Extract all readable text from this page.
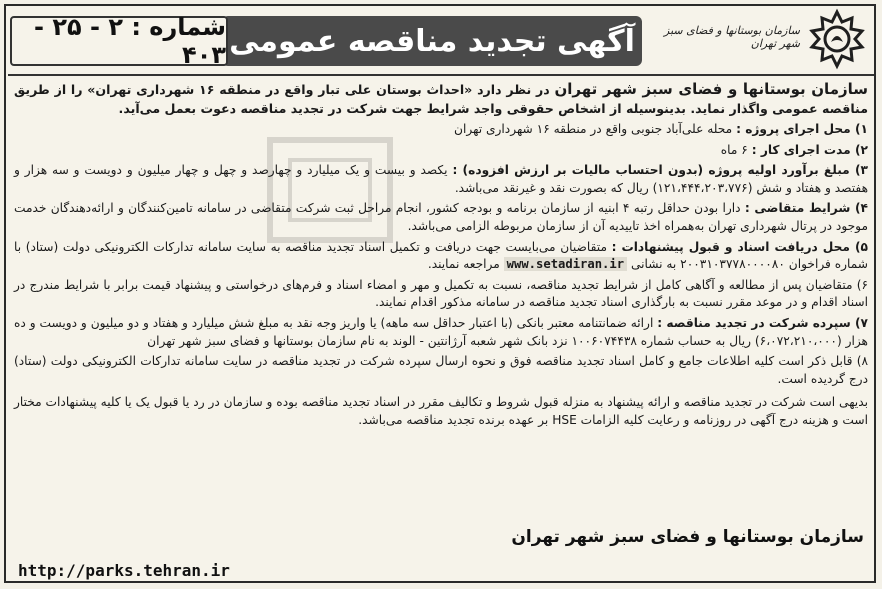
سازمان بوستانها و فضای سبز شهر تهران
آگهی تجدید مناقصه عمومی
شماره : ۲ - ۲۵ - ۴۰۳

سازمان بوستانها و فضای سبز شهر تهران در نظر دارد «احداث بوستان علی تبار واقع در منطقه ۱۶ شهرداری تهران» را از طریق مناقصه عمومی واگذار نماید. بدینوسیله از اشخاص حقوقی واجد شرایط جهت شرکت در تجدید مناقصه دعوت بعمل می‌آید.

۱) محل اجرای پروژه : محله علی‌آباد جنوبی واقع در منطقه ۱۶ شهرداری تهران

۲) مدت اجرای کار : ۶ ماه

۳) مبلغ برآورد اولیه پروژه (بدون احتساب مالیات بر ارزش افزوده) : یکصد و بیست و یک میلیارد و چهارصد و چهل و چهار میلیون و دویست و سه هزار و هفتصد و هفتاد و شش (۱۲۱،۴۴۴،۲۰۳،۷۷۶) ریال که بصورت نقد و غیرنقد می‌باشد.

۴) شرایط متقاضی : دارا بودن حداقل رتبه ۴ ابنیه از سازمان برنامه و بودجه کشور، انجام مراحل ثبت شرکت متقاضی در سامانه تامین‌کنندگان و ارائه‌دهندگان خدمت موجود در پرتال شهرداری تهران به‌همراه اخذ تاییدیه آن از سازمان مربوطه الزامی می‌باشد.

۵) محل دریافت اسناد و قبول پیشنهادات : متقاضیان می‌بایست جهت دریافت و تکمیل اسناد تجدید مناقصه به سایت سامانه تدارکات الکترونیکی دولت (ستاد) با شماره فراخوان ۲۰۰۳۱۰۳۷۷۸۰۰۰۰۸۰ به نشانی www.setadiran.ir مراجعه نمایند.

۶) متقاضیان پس از مطالعه و آگاهی کامل از شرایط تجدید مناقصه، نسبت به تکمیل و مهر و امضاء اسناد و فرم‌های درخواستی و پیشنهاد قیمت برابر با شرایط مندرج در اسناد اقدام و در موعد مقرر نسبت به بارگذاری اسناد تجدید مناقصه در سامانه مذکور اقدام نمایند.

۷) سپرده شرکت در تجدید مناقصه : ارائه ضمانتنامه معتبر بانکی (با اعتبار حداقل سه ماهه) یا واریز وجه نقد به مبلغ شش میلیارد و هفتاد و دو میلیون و دویست و ده هزار (۶،۰۷۲،۲۱۰،۰۰۰) ریال به حساب شماره ۱۰۰۶۰۷۴۴۳۸ نزد بانک شهر شعبه آرژانتین - الوند به نام سازمان بوستانها و فضای سبز شهر تهران

۸) قابل ذکر است کلیه اطلاعات جامع و کامل اسناد تجدید مناقصه فوق و نحوه ارسال سپرده شرکت در تجدید مناقصه در سایت سامانه تدارکات الکترونیکی دولت (ستاد) درج گردیده است.

بدیهی است شرکت در تجدید مناقصه و ارائه پیشنهاد به منزله قبول شروط و تکالیف مقرر در اسناد تجدید مناقصه بوده و سازمان در رد یا قبول یک یا کلیه پیشنهادات مختار است و هزینه درج آگهی در روزنامه و رعایت کلیه الزامات HSE بر عهده برنده تجدید مناقصه می‌باشد.

سازمان بوستانها و فضای سبز شهر تهران
http://parks.tehran.ir
